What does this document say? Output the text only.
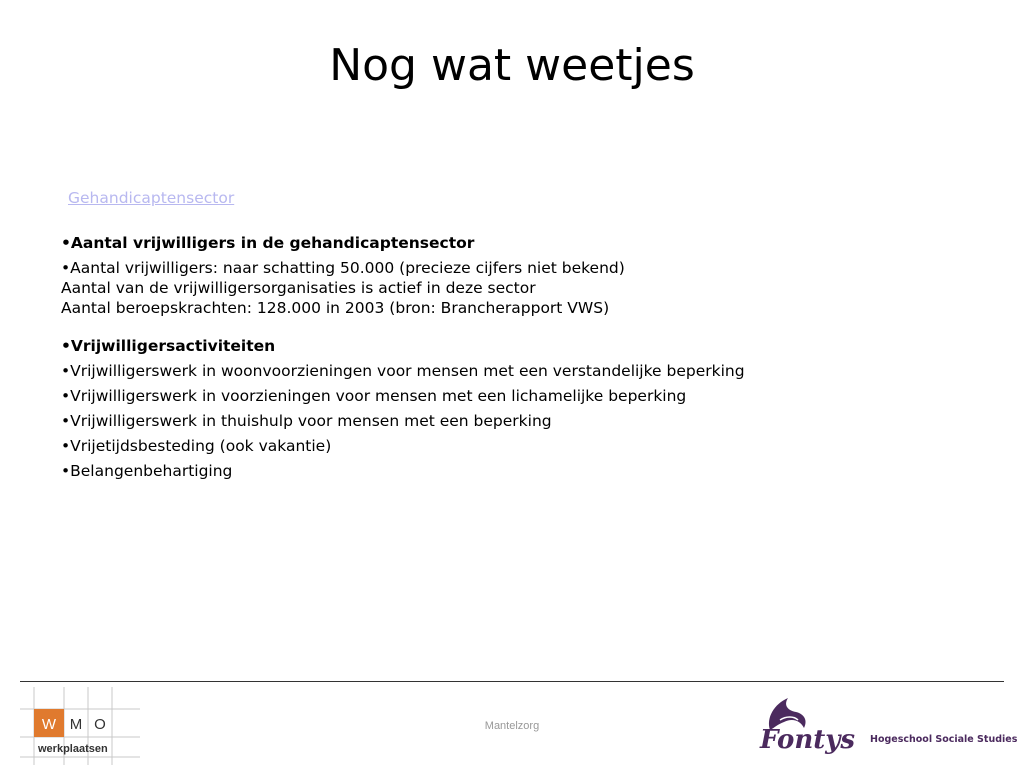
Nog wat weetjes
Gehandicaptensector
•Aantal vrijwilligers in de gehandicaptensector
•Aantal vrijwilligers: naar schatting 50.000 (precieze cijfers niet bekend)
Aantal van de vrijwilligersorganisaties is actief in deze sector
Aantal beroepskrachten: 128.000 in 2003 (bron: Brancherapport VWS)
•Vrijwilligersactiviteiten
•Vrijwilligerswerk in woonvoorzieningen voor mensen met een verstandelijke beperking
•Vrijwilligerswerk in voorzieningen voor mensen met een lichamelijke beperking
•Vrijwilligerswerk in thuishulp voor mensen met een beperking
•Vrijetijdsbesteding (ook vakantie)
•Belangenbehartiging
W M O
werkplaatsen
Mantelzorg	Fontys Hogeschool Sociale Studies
